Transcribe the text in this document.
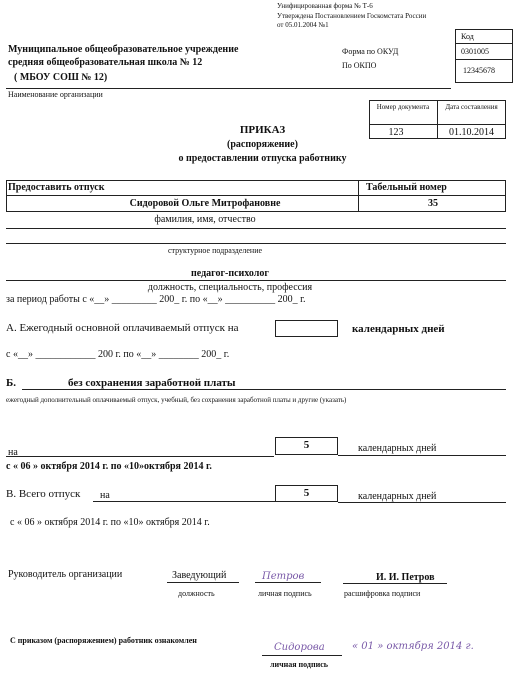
Унифицированная форма № Т-6
Утверждена Постановлением Госкомстата России
от 05.01.2004 №1
Муниципальное общеобразовательное учреждение
средняя общеобразовательная школа № 12
( МБОУ СОШ № 12)
Наименование организации
Форма по ОКУД
По ОКПО
Код
0301005
12345678
Номер документа	Дата составления
123	01.10.2014
ПРИКАЗ
(распоряжение)
о предоставлении отпуска работнику
Предоставить отпуск	Табельный номер
Сидоровой Ольге Митрофановне	35
фамилия, имя, отчество
структурное подразделение
педагог-психолог
должность, специальность, профессия
за период работы с «__» _________ 200_ г. по «__» __________ 200_ г.
А. Ежегодный основной оплачиваемый отпуск на	календарных дней
с «__» ____________ 200 г. по «__» ________ 200_ г.
Б.	без сохранения заработной платы
ежегодный дополнительный оплачиваемый отпуск, учебный, без сохранения заработной платы и другие (указать)
на
5	календарных дней
с « 06 » октября 2014 г. по «10»октября 2014 г.
В. Всего отпуск на	5	календарных дней
с « 06 » октября 2014 г. по «10» октября 2014 г.
Руководитель организации	Заведующий	Петров	И. И. Петров
должность	личная подпись	расшифровка подписи
С приказом (распоряжением) работник ознакомлен
Сидорова	« 01 » октября 2014 г.
личная подпись
